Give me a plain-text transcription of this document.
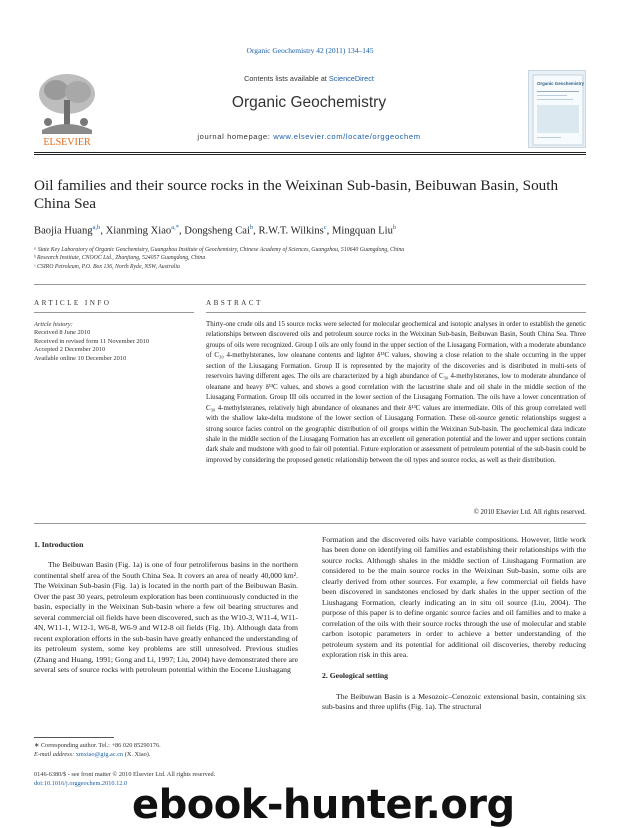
Organic Geochemistry 42 (2011) 134–145
ELSEVIER
Contents lists available at ScienceDirect
Organic Geochemistry
journal homepage: www.elsevier.com/locate/orggeochem
Organic Geochemistry
Oil families and their source rocks in the Weixinan Sub-basin, Beibuwan Basin, South China Sea
Baojia Huang$^{a,b}$, Xianming Xiao$^{a,*}$, Dongsheng Cai$^b$, R.W.T. Wilkins$^c$, Mingquan Liu$^b$
ᵃ State Key Laboratory of Organic Geochemistry, Guangzhou Institute of Geochemistry, Chinese Academy of Sciences, Guangzhou, 510640 Guangdong, China
ᵇ Research Institute, CNOOC Ltd., Zhanjiang, 524057 Guangdong, China
ᶜ CSIRO Petroleum, P.O. Box 136, North Ryde, NSW, Australia
ARTICLE INFO	ABSTRACT
Article history:
Received 8 June 2010
Received in revised form 11 November 2010
Accepted 2 December 2010
Available online 10 December 2010
Thirty-one crude oils and 15 source rocks were selected for molecular geochemical and isotopic analyses in order to establish the genetic relationships between discovered oils and petroleum source rocks in the Weixinan Sub-basin, Beibuwan Basin, South China Sea. Three groups of oils were recognized. Group I oils are only found in the upper section of the Liusagang Formation, with a moderate abundance of C₃₀ 4-methylsteranes, low oleanane contents and lighter δ¹³C values, showing a close relation to the shale occurring in the upper section of the Liusagang Formation. Group II is represented by the majority of the discoveries and is distributed in multi-sets of reservoirs having different ages. The oils are characterized by a high abundance of C₃₀ 4-methylsteranes, low to moderate abundance of oleanane and heavy δ¹³C values, and shows a good correlation with the lacustrine shale and oil shale in the middle section of the Liusagang Formation. Group III oils occurred in the lower section of the Liusagang Formation. The oils have a lower concentration of C₃₀ 4-methylsteranes, relatively high abundance of oleananes and their δ¹³C values are intermediate. Oils of this group correlated well with the shallow lake-delta mudstone of the lower section of Liusagang Formation. These oil-source genetic relationships suggest a strong source facies control on the geographic distribution of oil groups within the Weixinan Sub-basin. The geochemical data indicate shale in the middle section of the Liusagang Formation has an excellent oil generation potential and the lower and upper sections contain dark shale and mudstone with good to fair oil potential. Future exploration or assessment of petroleum potential of the sub-basin could be improved by considering the proposed genetic relationship between the oil types and source rocks, as well as their distribution.
© 2010 Elsevier Ltd. All rights reserved.
1. Introduction

The Beibuwan Basin (Fig. 1a) is one of four petroliferous basins in the northern continental shelf area of the South China Sea. It covers an area of nearly 40,000 km². The Weixinan Sub-basin (Fig. 1a) is located in the north part of the Beibuwan Basin. Over the past 30 years, petroleum exploration has been continuously conducted in the basin, especially in the Weixinan Sub-basin where a few oil bearing structures and several commercial oil fields have been discovered, such as the W10-3, W11-4, W11-4N, W11-1, W12-1, W6-8, W6-9 and W12-8 oil fields (Fig. 1b). Although data from recent exploration efforts in the sub-basin have greatly enhanced the understanding of its petroleum system, some key problems are still unresolved. Previous studies (Zhang and Huang, 1991; Gong and Li, 1997; Liu, 2004) have demonstrated there are several sets of source rocks with petroleum potential within the Eocene Liushagang

Formation and the discovered oils have variable compositions. However, little work has been done on identifying oil families and establishing their relationships with the source rocks. Although shales in the middle section of Liushagang Formation are considered to be the main source rocks in the Weixinan Sub-basin, some oils are clearly derived from other sources. For example, a few commercial oil fields have been discovered in sandstones enclosed by dark shales in the upper section of the Liushagang Formation, clearly indicating an in situ oil source (Liu, 2004). The purpose of this paper is to define organic source facies and oil families and to make a correlation of the oils with their source rocks through the use of molecular and stable carbon isotopic parameters in order to achieve a better understanding of the petroleum system and its potential for additional oil discoveries, thereby reducing exploration risk in this area.

2. Geological setting

The Beibuwan Basin is a Mesozoic–Cenozoic extensional basin, containing six sub-basins and three uplifts (Fig. 1a). The structural

∗ Corresponding author. Tel.: +86 020 85290176.
E-mail address: xmxiao@gig.ac.cn (X. Xiao).
0146-6380/$ - see front matter © 2010 Elsevier Ltd. All rights reserved.
doi:10.1016/j.orggeochem.2010.12.0 ebook-hunter.org
